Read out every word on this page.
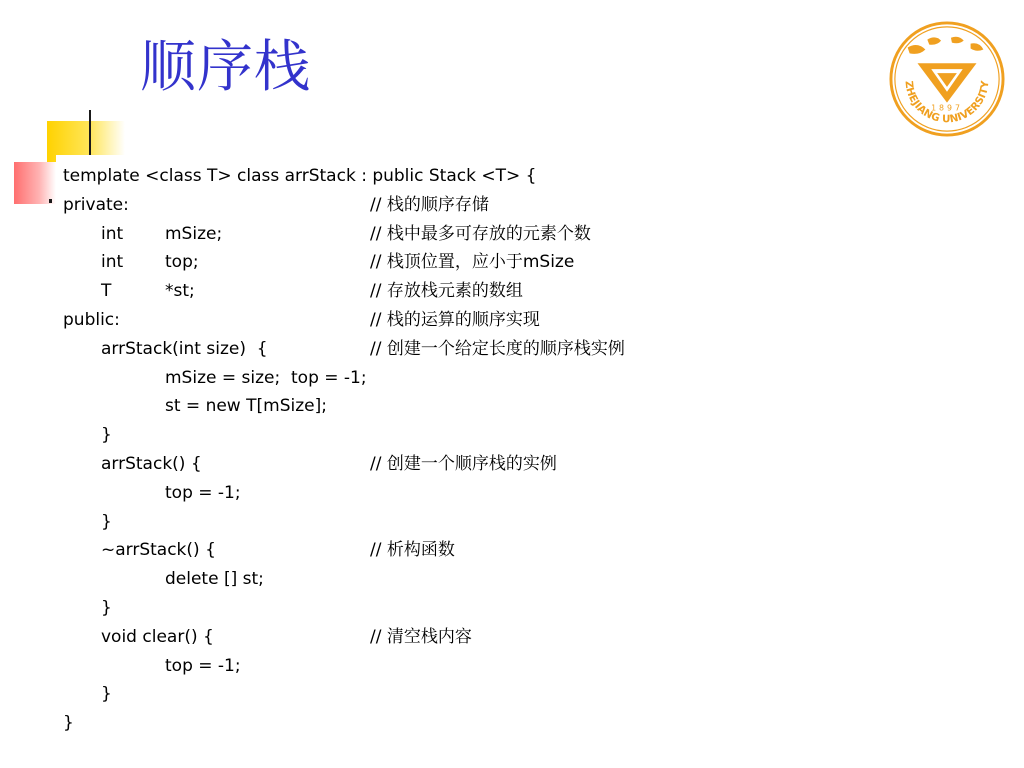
顺序栈
1897
ZHEJIANG UNIVERSITY
template <class T> class arrStack : public Stack <T> {
private:	// 栈的顺序存储
int mSize;	// 栈中最多可存放的元素个数
int top;	// 栈顶位置，应小于mSize
T	*st;	// 存放栈元素的数组
public:	// 栈的运算的顺序实现
arrStack(int size)  {	// 创建一个给定长度的顺序栈实例
mSize = size;  top = -1;
st = new T[mSize];
}
arrStack() {	// 创建一个顺序栈的实例
top = -1;
}
~arrStack() {	// 析构函数
delete [] st;
}
void clear() {	// 清空栈内容
top = -1;
}
}
